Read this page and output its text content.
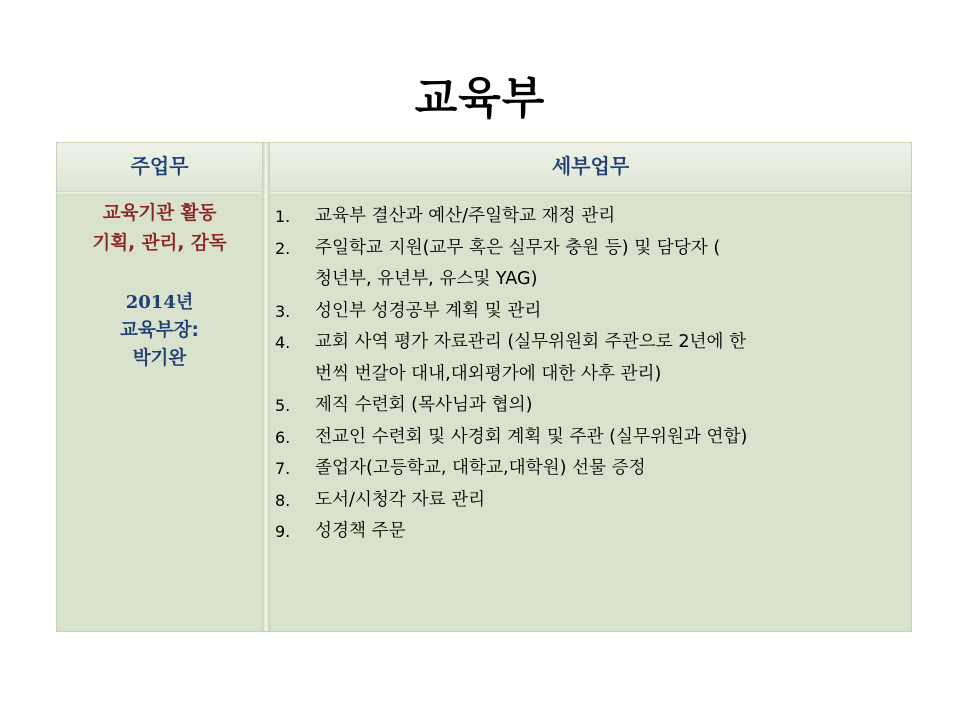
교육부
주업무	세부업무
교육기관 활동
기획, 관리, 감독
2014년
교육부장:
박기완
1. 교육부 결산과 예산/주일학교 재정 관리
2. 주일학교 지원(교무 혹은 실무자 충원 등) 및 담당자 (
청년부, 유년부, 유스및 YAG)
3. 성인부 성경공부 계획 및 관리
4. 교회 사역 평가 자료관리 (실무위원회 주관으로 2년에 한
번씩 번갈아 대내,대외평가에 대한 사후 관리)
5. 제직 수련회 (목사님과 협의)
6. 전교인 수련회 및 사경회 계획 및 주관 (실무위원과 연합)
7. 졸업자(고등학교, 대학교,대학원) 선물 증정
8. 도서/시청각 자료 관리
9. 성경책 주문
